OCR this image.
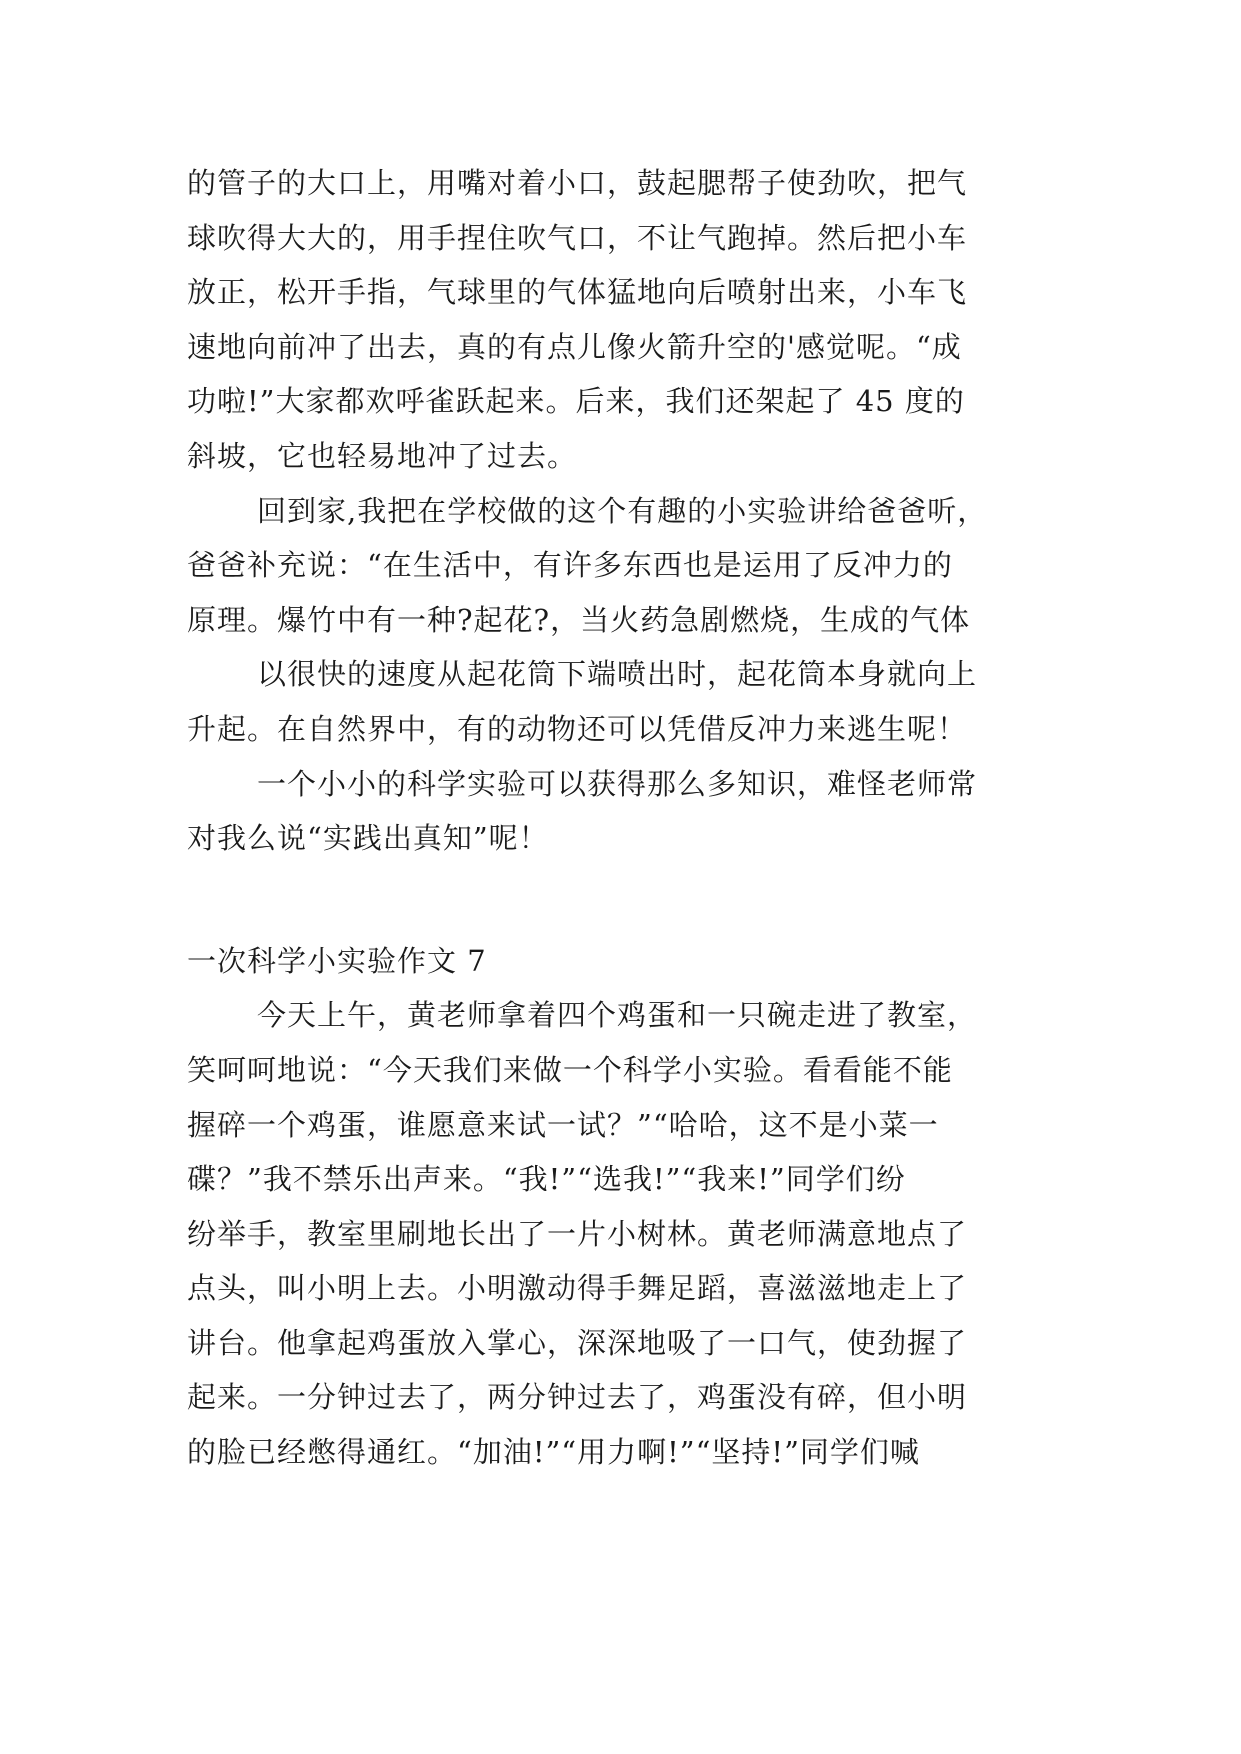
的管子的大口上，用嘴对着小口，鼓起腮帮子使劲吹，把气
球吹得大大的，用手捏住吹气口，不让气跑掉。然后把小车
放正，松开手指，气球里的气体猛地向后喷射出来，小车飞
速地向前冲了出去，真的有点儿像火箭升空的'感觉呢。“成
功啦!”大家都欢呼雀跃起来。后来，我们还架起了 45 度的
斜坡，它也轻易地冲了过去。
回到家,我把在学校做的这个有趣的小实验讲给爸爸听，
爸爸补充说：“在生活中，有许多东西也是运用了反冲力的
原理。爆竹中有一种?起花?，当火药急剧燃烧，生成的气体
以很快的速度从起花筒下端喷出时，起花筒本身就向上
升起。在自然界中，有的动物还可以凭借反冲力来逃生呢！
一个小小的科学实验可以获得那么多知识，难怪老师常
对我么说“实践出真知”呢！
一次科学小实验作文 7
今天上午，黄老师拿着四个鸡蛋和一只碗走进了教室，
笑呵呵地说：“今天我们来做一个科学小实验。看看能不能
握碎一个鸡蛋，谁愿意来试一试？”“哈哈，这不是小菜一
碟？”我不禁乐出声来。“我!”“选我!”“我来!”同学们纷
纷举手，教室里刷地长出了一片小树林。黄老师满意地点了
点头，叫小明上去。小明激动得手舞足蹈，喜滋滋地走上了
讲台。他拿起鸡蛋放入掌心，深深地吸了一口气，使劲握了
起来。一分钟过去了，两分钟过去了，鸡蛋没有碎，但小明
的脸已经憋得通红。“加油!”“用力啊!”“坚持!”同学们喊
